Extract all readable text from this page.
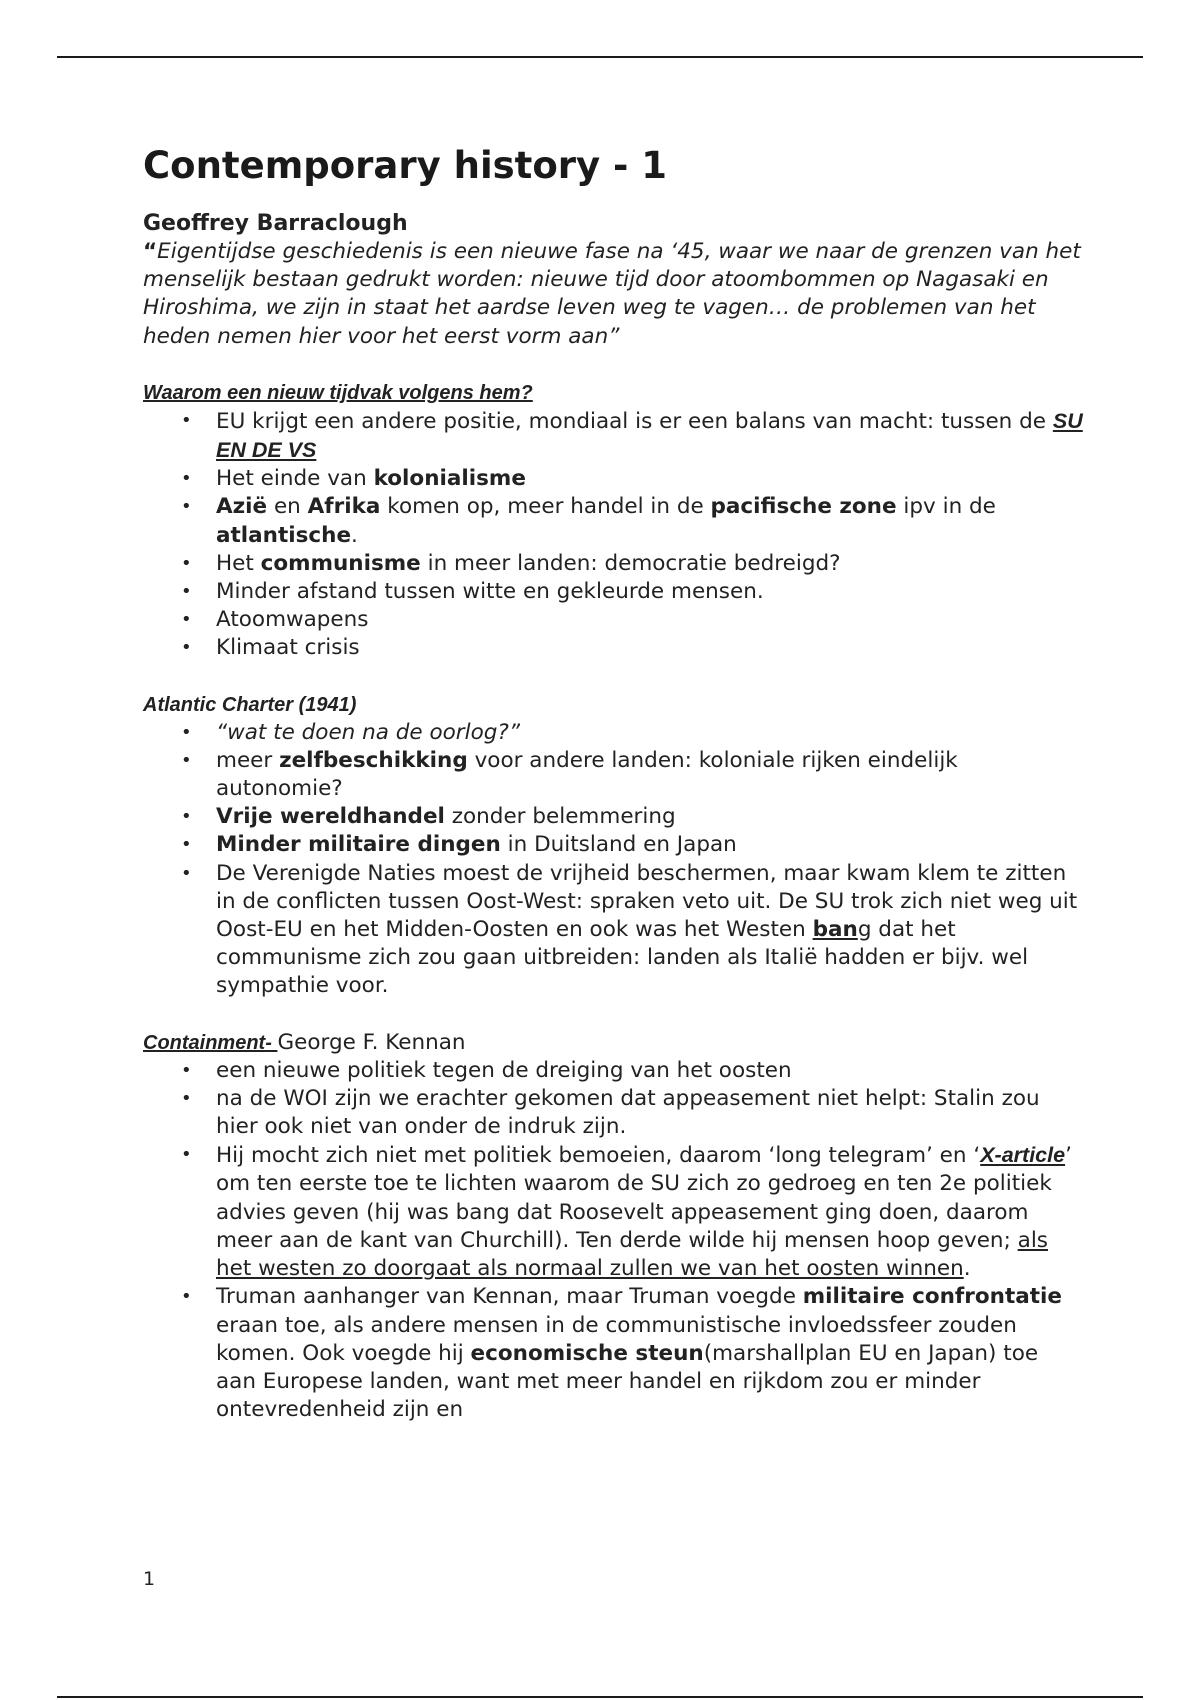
Contemporary history - 1
Geoffrey Barraclough

“Eigentijdse geschiedenis is een nieuwe fase na ‘45, waar we naar de grenzen van het menselijk bestaan gedrukt worden: nieuwe tijd door atoombommen op Nagasaki en Hiroshima, we zijn in staat het aardse leven weg te vagen… de problemen van het heden nemen hier voor het eerst vorm aan”

Waarom een nieuw tijdvak volgens hem?
• EU krijgt een andere positie, mondiaal is er een balans van macht: tussen de SU EN DE VS
• Het einde van kolonialisme
• Azië en Afrika komen op, meer handel in de pacifische zone ipv in de atlantische.
• Het communisme in meer landen: democratie bedreigd?
• Minder afstand tussen witte en gekleurde mensen.
• Atoomwapens
• Klimaat crisis
Atlantic Charter (1941)
• “wat te doen na de oorlog?”
• meer zelfbeschikking voor andere landen: koloniale rijken eindelijk autonomie?
• Vrije wereldhandel zonder belemmering
• Minder militaire dingen in Duitsland en Japan
• De Verenigde Naties moest de vrijheid beschermen, maar kwam klem te zitten in de conflicten tussen Oost-West: spraken veto uit. De SU trok zich niet weg uit Oost-EU en het Midden-Oosten en ook was het Westen bang dat het communisme zich zou gaan uitbreiden: landen als Italië hadden er bijv. wel sympathie voor.
Containment- George F. Kennan
• een nieuwe politiek tegen de dreiging van het oosten
• na de WOI zijn we erachter gekomen dat appeasement niet helpt: Stalin zou hier ook niet van onder de indruk zijn.
• Hij mocht zich niet met politiek bemoeien, daarom ‘long telegram’ en ‘X-article’ om ten eerste toe te lichten waarom de SU zich zo gedroeg en ten 2e politiek advies geven (hij was bang dat Roosevelt appeasement ging doen, daarom meer aan de kant van Churchill). Ten derde wilde hij mensen hoop geven; als het westen zo doorgaat als normaal zullen we van het oosten winnen.
• Truman aanhanger van Kennan, maar Truman voegde militaire confrontatie eraan toe, als andere mensen in de communistische invloedssfeer zouden komen. Ook voegde hij economische steun(marshallplan EU en Japan) toe aan Europese landen, want met meer handel en rijkdom zou er minder ontevredenheid zijn en
1
